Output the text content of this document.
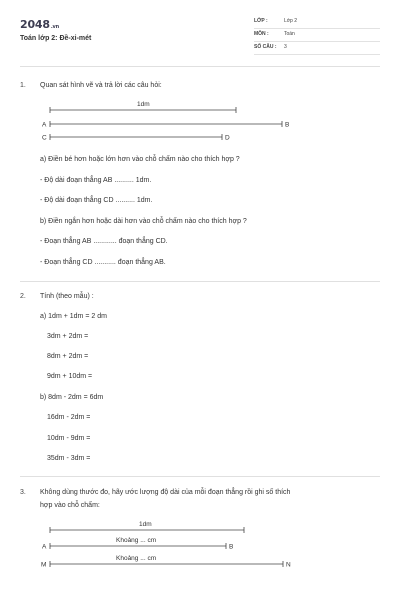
2048.vn
Toán lớp 2: Đề-xi-mét
LỚP :	Lớp 2
MÔN :	Toán
SỐ CÂU : 3
1. Quan sát hình vẽ và trả lời các câu hỏi:
1dm
A	B
C	D
a) Điền bé hơn hoặc lớn hơn vào chỗ chấm nào cho thích hợp ?
- Độ dài đoạn thẳng AB .......... 1dm.
- Độ dài đoạn thẳng CD .......... 1dm.
b) Điền ngắn hơn hoặc dài hơn vào chỗ chấm nào cho thích hợp ?
- Đoạn thẳng AB ............ đoạn thẳng CD.
- Đoạn thẳng CD ........... đoạn thẳng AB.
2. Tính (theo mẫu) :
a) 1dm + 1dm = 2 dm
3dm + 2dm =
8dm + 2dm =
9dm + 10dm =
b) 8dm - 2dm = 6dm
16dm - 2dm =
10dm - 9dm =
35dm - 3dm =
3. Không dùng thước đo, hãy ước lượng độ dài của mỗi đoạn thẳng rồi ghi số thích
hợp vào chỗ chấm:
1dm
Khoảng ... cm
Khoảng ... cm
A	B
M	N
